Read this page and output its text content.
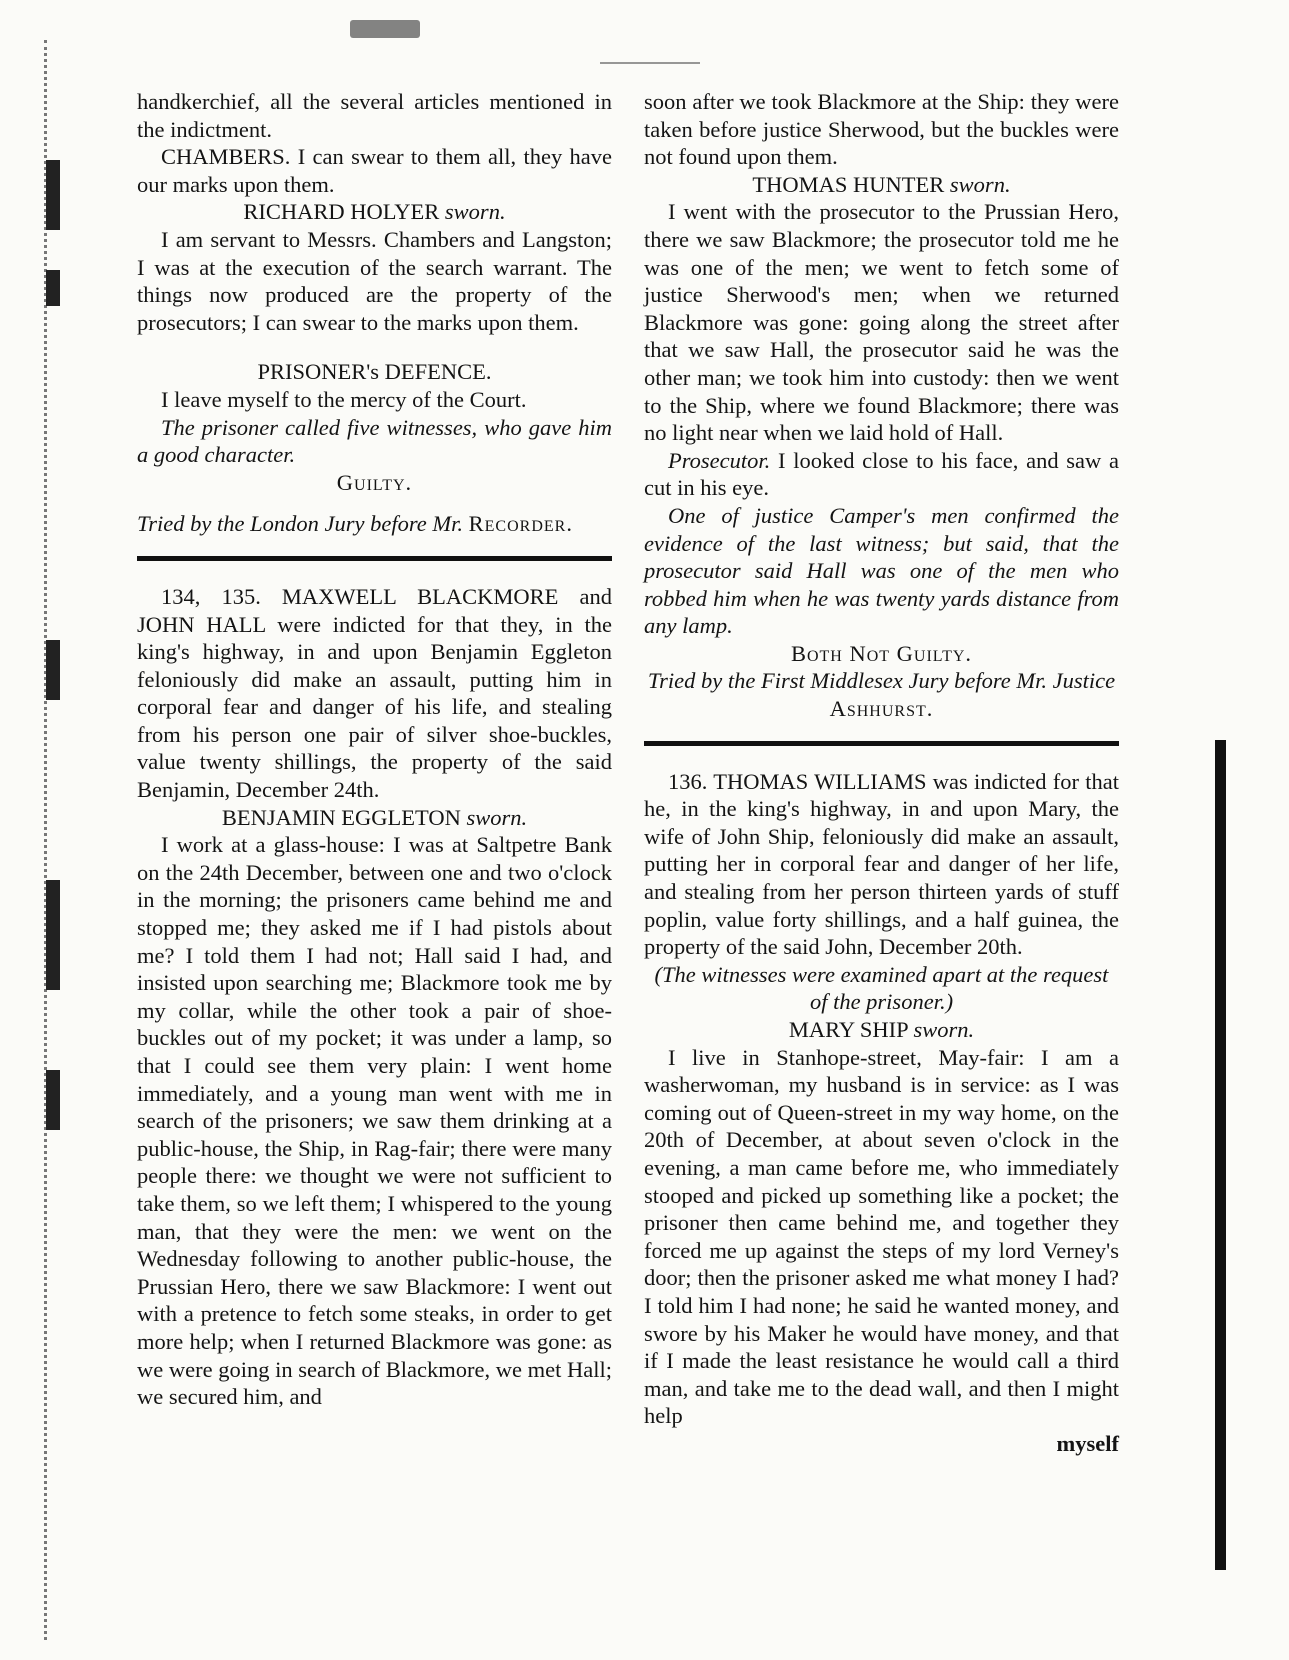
handkerchief, all the several articles mentioned in the indictment.

CHAMBERS. I can swear to them all, they have our marks upon them.

RICHARD HOLYER sworn.

I am servant to Messrs. Chambers and Langston; I was at the execution of the search warrant. The things now produced are the property of the prosecutors; I can swear to the marks upon them.

PRISONER's DEFENCE.

I leave myself to the mercy of the Court.

The prisoner called five witnesses, who gave him a good character.

Guilty.

Tried by the London Jury before Mr. Recorder.

134, 135. MAXWELL BLACKMORE and JOHN HALL were indicted for that they, in the king's highway, in and upon Benjamin Eggleton feloniously did make an assault, putting him in corporal fear and danger of his life, and stealing from his person one pair of silver shoe-buckles, value twenty shillings, the property of the said Benjamin, December 24th.

BENJAMIN EGGLETON sworn.

I work at a glass-house: I was at Saltpetre Bank on the 24th December, between one and two o'clock in the morning; the prisoners came behind me and stopped me; they asked me if I had pistols about me? I told them I had not; Hall said I had, and insisted upon searching me; Blackmore took me by my collar, while the other took a pair of shoe-buckles out of my pocket; it was under a lamp, so that I could see them very plain: I went home immediately, and a young man went with me in search of the prisoners; we saw them drinking at a public-house, the Ship, in Rag-fair; there were many people there: we thought we were not sufficient to take them, so we left them; I whispered to the young man, that they were the men: we went on the Wednesday following to another public-house, the Prussian Hero, there we saw Blackmore: I went out with a pretence to fetch some steaks, in order to get more help; when I returned Blackmore was gone: as we were going in search of Blackmore, we met Hall; we secured him, and

soon after we took Blackmore at the Ship: they were taken before justice Sherwood, but the buckles were not found upon them.

THOMAS HUNTER sworn.

I went with the prosecutor to the Prussian Hero, there we saw Blackmore; the prosecutor told me he was one of the men; we went to fetch some of justice Sherwood's men; when we returned Blackmore was gone: going along the street after that we saw Hall, the prosecutor said he was the other man; we took him into custody: then we went to the Ship, where we found Blackmore; there was no light near when we laid hold of Hall.

Prosecutor. I looked close to his face, and saw a cut in his eye.

One of justice Camper's men confirmed the evidence of the last witness; but said, that the prosecutor said Hall was one of the men who robbed him when he was twenty yards distance from any lamp.

Both Not Guilty.

Tried by the First Middlesex Jury before Mr. Justice Ashhurst.

136. THOMAS WILLIAMS was indicted for that he, in the king's highway, in and upon Mary, the wife of John Ship, feloniously did make an assault, putting her in corporal fear and danger of her life, and stealing from her person thirteen yards of stuff poplin, value forty shillings, and a half guinea, the property of the said John, December 20th.

(The witnesses were examined apart at the request of the prisoner.)

MARY SHIP sworn.

I live in Stanhope-street, May-fair: I am a washerwoman, my husband is in service: as I was coming out of Queen-street in my way home, on the 20th of December, at about seven o'clock in the evening, a man came before me, who immediately stooped and picked up something like a pocket; the prisoner then came behind me, and together they forced me up against the steps of my lord Verney's door; then the prisoner asked me what money I had? I told him I had none; he said he wanted money, and swore by his Maker he would have money, and that if I made the least resistance he would call a third man, and take me to the dead wall, and then I might help

myself
